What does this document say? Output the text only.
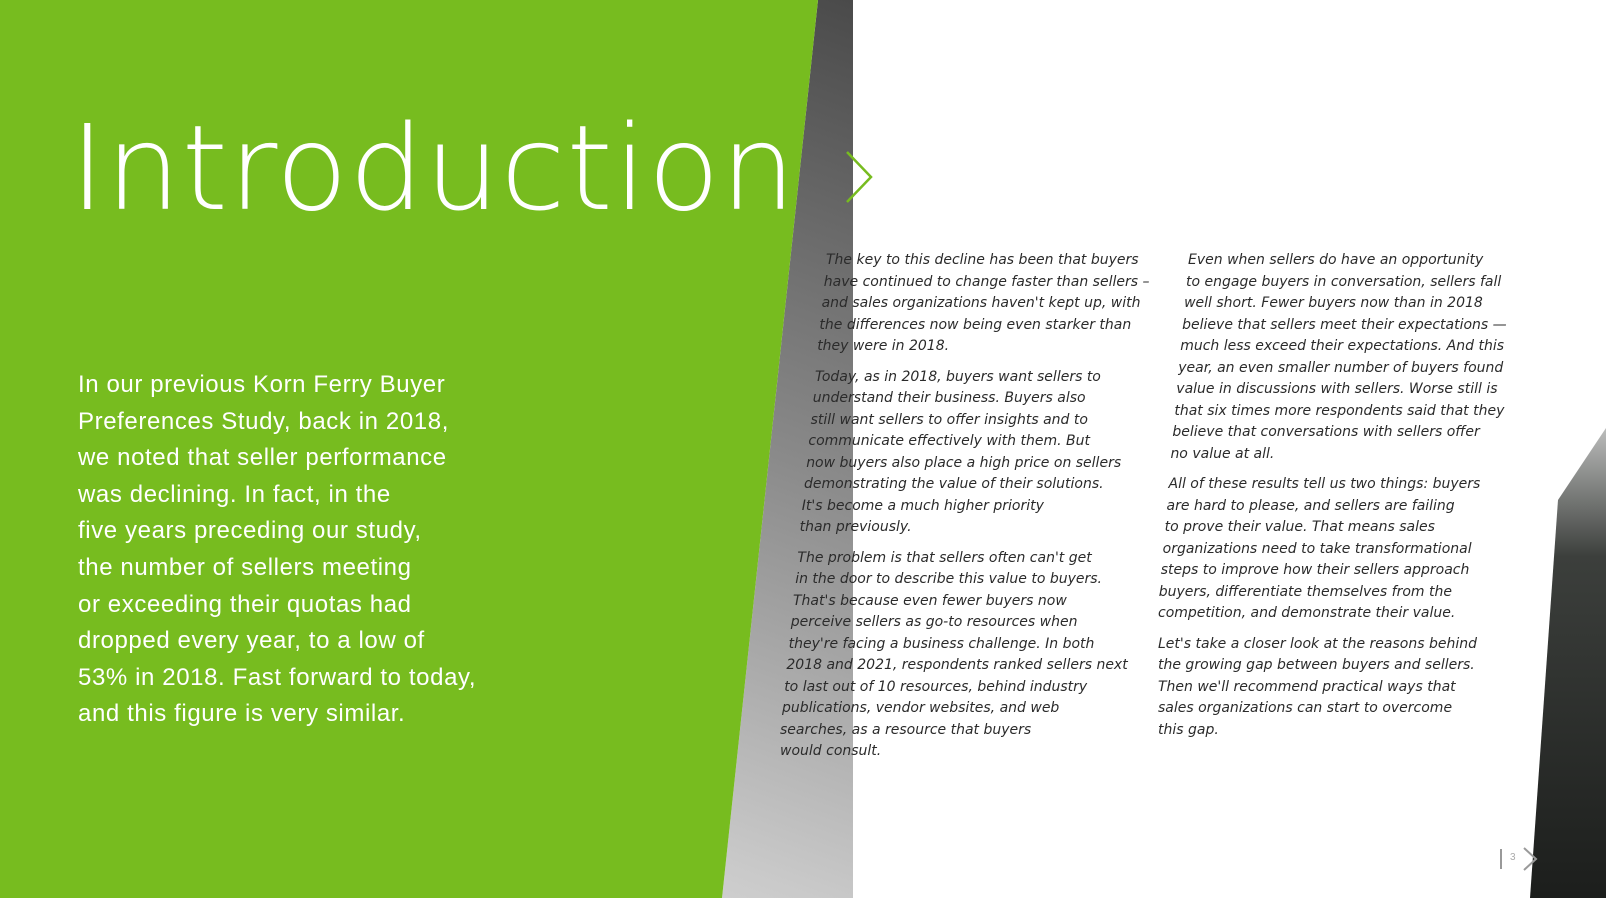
Introduction

In our previous Korn Ferry Buyer
Preferences Study, back in 2018,
we noted that seller performance
was declining. In fact, in the
five years preceding our study,
the number of sellers meeting
or exceeding their quotas had
dropped every year, to a low of
53% in 2018. Fast forward to today,
and this figure is very similar.

The key to this decline has been that buyers
have continued to change faster than sellers –
and sales organizations haven't kept up, with
the differences now being even starker than
they were in 2018.

Today, as in 2018, buyers want sellers to
understand their business. Buyers also
still want sellers to offer insights and to
communicate effectively with them. But
now buyers also place a high price on sellers
demonstrating the value of their solutions.
It's become a much higher priority
than previously.

The problem is that sellers often can't get
in the door to describe this value to buyers.
That's because even fewer buyers now
perceive sellers as go-to resources when
they're facing a business challenge. In both
2018 and 2021, respondents ranked sellers next
to last out of 10 resources, behind industry
publications, vendor websites, and web
searches, as a resource that buyers
would consult.

Even when sellers do have an opportunity
to engage buyers in conversation, sellers fall
well short. Fewer buyers now than in 2018
believe that sellers meet their expectations —
much less exceed their expectations. And this
year, an even smaller number of buyers found
value in discussions with sellers. Worse still is
that six times more respondents said that they
believe that conversations with sellers offer
no value at all.

All of these results tell us two things: buyers
are hard to please, and sellers are failing
to prove their value. That means sales
organizations need to take transformational
steps to improve how their sellers approach
buyers, differentiate themselves from the
competition, and demonstrate their value.

Let's take a closer look at the reasons behind
the growing gap between buyers and sellers.
Then we'll recommend practical ways that
sales organizations can start to overcome
this gap.

3
